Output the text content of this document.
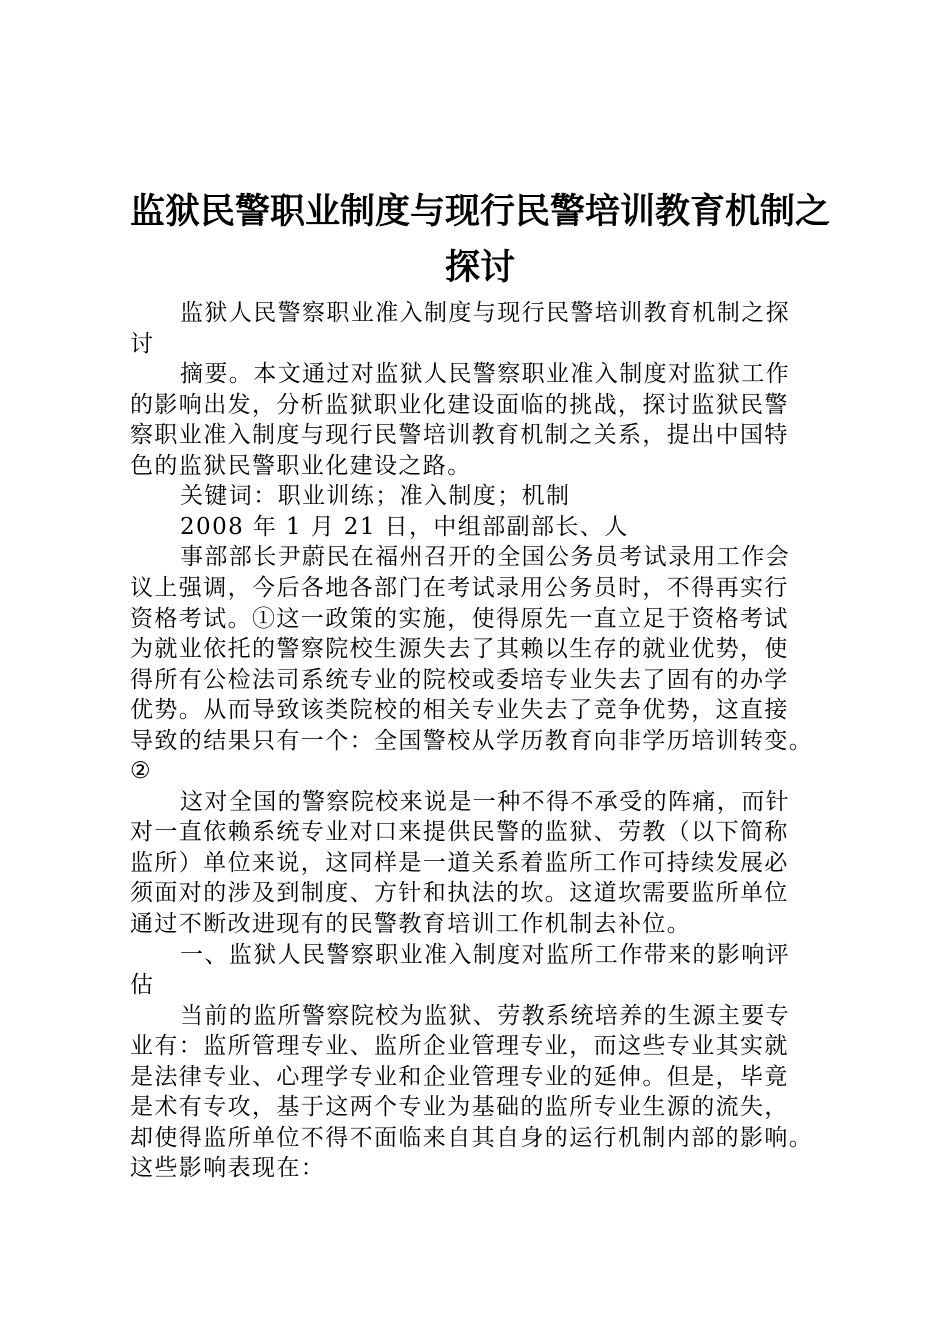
监狱民警职业制度与现行民警培训教育机制之
探讨
监狱人民警察职业准入制度与现行民警培训教育机制之探
讨
摘要。本文通过对监狱人民警察职业准入制度对监狱工作
的影响出发，分析监狱职业化建设面临的挑战，探讨监狱民警
察职业准入制度与现行民警培训教育机制之关系，提出中国特
色的监狱民警职业化建设之路。
关键词：职业训练；准入制度；机制
2008 年 1 月 21 日，中组部副部长、人
事部部长尹蔚民在福州召开的全国公务员考试录用工作会
议上强调，今后各地各部门在考试录用公务员时，不得再实行
资格考试。①这一政策的实施，使得原先一直立足于资格考试
为就业依托的警察院校生源失去了其赖以生存的就业优势，使
得所有公检法司系统专业的院校或委培专业失去了固有的办学
优势。从而导致该类院校的相关专业失去了竞争优势，这直接
导致的结果只有一个：全国警校从学历教育向非学历培训转变。
②
这对全国的警察院校来说是一种不得不承受的阵痛，而针
对一直依赖系统专业对口来提供民警的监狱、劳教（以下简称
监所）单位来说，这同样是一道关系着监所工作可持续发展必
须面对的涉及到制度、方针和执法的坎。这道坎需要监所单位
通过不断改进现有的民警教育培训工作机制去补位。
一、监狱人民警察职业准入制度对监所工作带来的影响评
估
当前的监所警察院校为监狱、劳教系统培养的生源主要专
业有：监所管理专业、监所企业管理专业，而这些专业其实就
是法律专业、心理学专业和企业管理专业的延伸。但是，毕竟
是术有专攻，基于这两个专业为基础的监所专业生源的流失，
却使得监所单位不得不面临来自其自身的运行机制内部的影响。
这些影响表现在：
